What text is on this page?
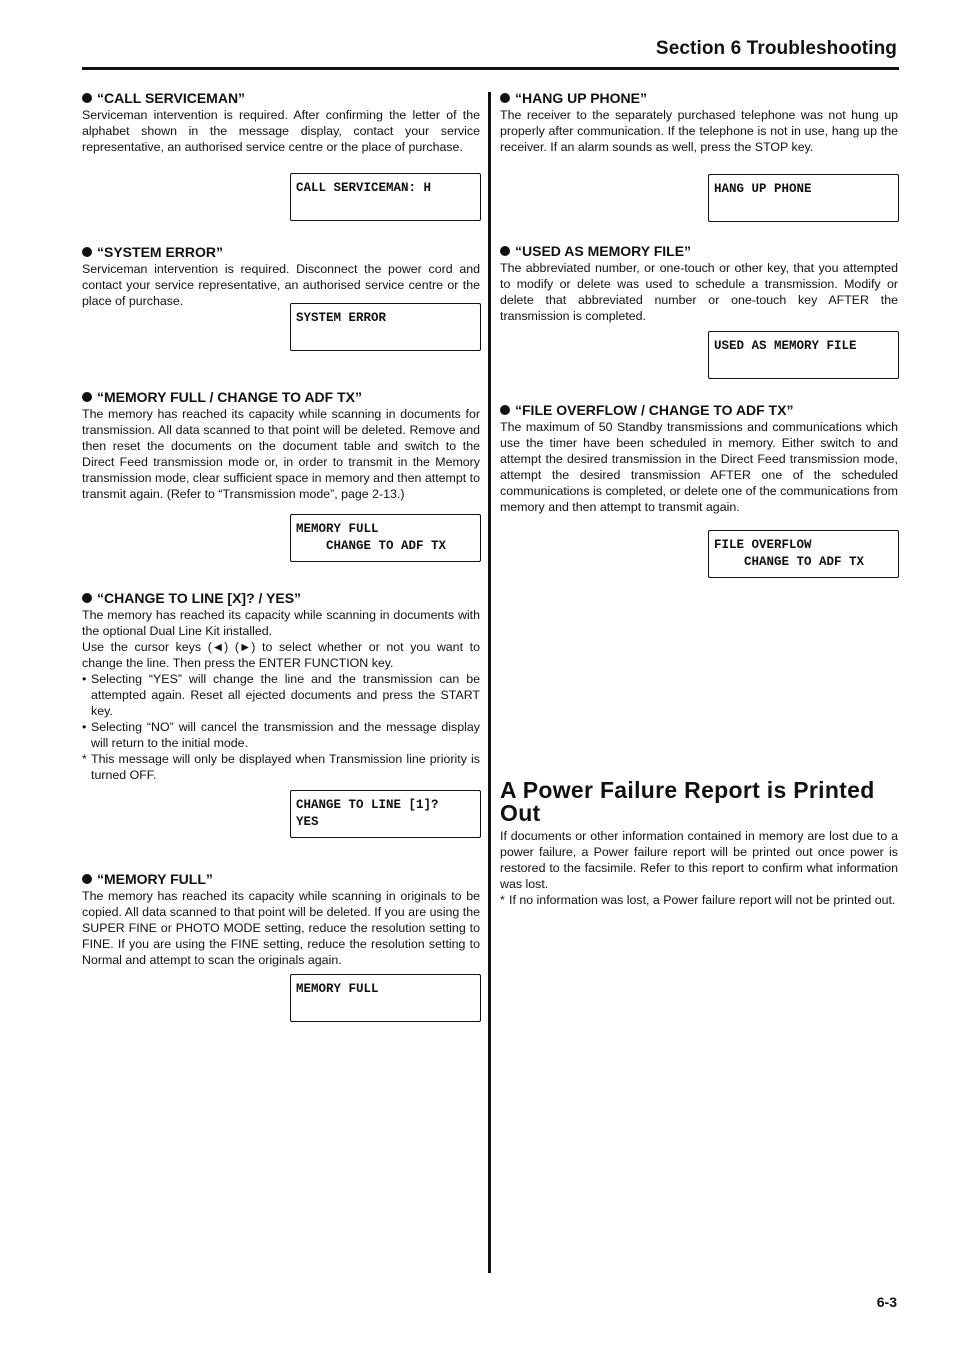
Section 6 Troubleshooting

“CALL SERVICEMAN”

Serviceman intervention is required. After confirming the letter of the alphabet shown in the message display, contact your service representative, an authorised service centre or the place of purchase.

CALL SERVICEMAN: H

“SYSTEM ERROR”

Serviceman intervention is required. Disconnect the power cord and contact your service representative, an authorised service centre or the place of purchase.

SYSTEM ERROR

“MEMORY FULL / CHANGE TO ADF TX”

The memory has reached its capacity while scanning in documents for transmission. All data scanned to that point will be deleted. Remove and then reset the documents on the document table and switch to the Direct Feed transmission mode or, in order to transmit in the Memory transmission mode, clear sufficient space in memory and then attempt to transmit again. (Refer to “Transmission mode”, page 2-13.)

MEMORY FULL
CHANGE TO ADF TX

“CHANGE TO LINE [X]? / YES”

The memory has reached its capacity while scanning in documents with the optional Dual Line Kit installed.

Use the cursor keys (◄) (►) to select whether or not you want to change the line. Then press the ENTER FUNCTION key.

• Selecting “YES” will change the line and the transmission can be attempted again. Reset all ejected documents and press the START key.
• Selecting “NO” will cancel the transmission and the message display will return to the initial mode.
* This message will only be displayed when Transmission line priority is turned OFF.
CHANGE TO LINE [1]?
YES

“MEMORY FULL”

The memory has reached its capacity while scanning in originals to be copied. All data scanned to that point will be deleted. If you are using the SUPER FINE or PHOTO MODE setting, reduce the resolution setting to FINE. If you are using the FINE setting, reduce the resolution setting to Normal and attempt to scan the originals again.

MEMORY FULL

“HANG UP PHONE”

The receiver to the separately purchased telephone was not hung up properly after communication. If the telephone is not in use, hang up the receiver. If an alarm sounds as well, press the STOP key.

HANG UP PHONE

“USED AS MEMORY FILE”

The abbreviated number, or one-touch or other key, that you attempted to modify or delete was used to schedule a transmission. Modify or delete that abbreviated number or one-touch key AFTER the transmission is completed.

USED AS MEMORY FILE

“FILE OVERFLOW / CHANGE TO ADF TX”

The maximum of 50 Standby transmissions and communications which use the timer have been scheduled in memory. Either switch to and attempt the desired transmission in the Direct Feed transmission mode, attempt the desired transmission AFTER one of the scheduled communications is completed, or delete one of the communications from memory and then attempt to transmit again.

FILE OVERFLOW
CHANGE TO ADF TX
A Power Failure Report is Printed Out

If documents or other information contained in memory are lost due to a power failure, a Power failure report will be printed out once power is restored to the facsimile. Refer to this report to confirm what information was lost.

* If no information was lost, a Power failure report will not be printed out.
6-3
